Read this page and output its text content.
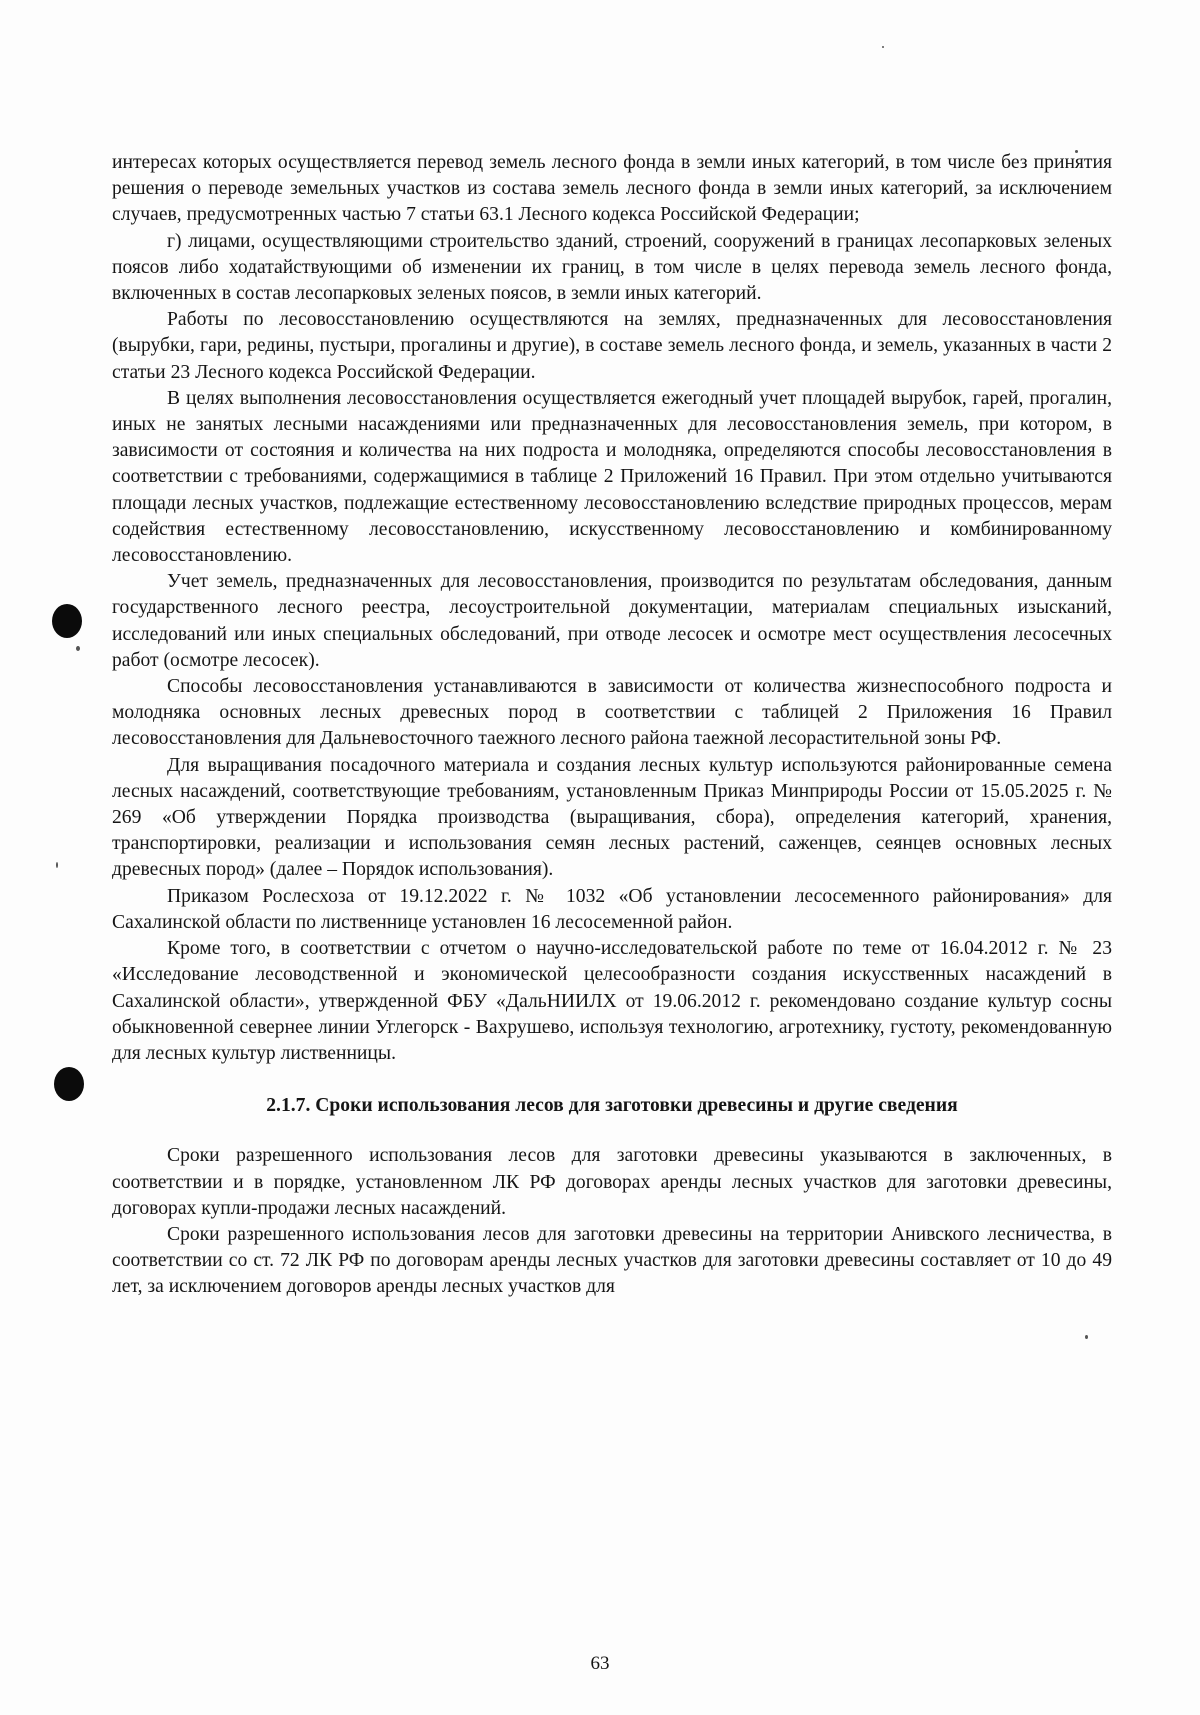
интересах которых осуществляется перевод земель лесного фонда в земли иных категорий, в том числе без принятия решения о переводе земельных участков из состава земель лесного фонда в земли иных категорий, за исключением случаев, предусмотренных частью 7 статьи 63.1 Лесного кодекса Российской Федерации;

г) лицами, осуществляющими строительство зданий, строений, сооружений в границах лесопарковых зеленых поясов либо ходатайствующими об изменении их границ, в том числе в целях перевода земель лесного фонда, включенных в состав лесопарковых зеленых поясов, в земли иных категорий.

Работы по лесовосстановлению осуществляются на землях, предназначенных для лесовосстановления (вырубки, гари, редины, пустыри, прогалины и другие), в составе земель лесного фонда, и земель, указанных в части 2 статьи 23 Лесного кодекса Российской Федерации.

В целях выполнения лесовосстановления осуществляется ежегодный учет площадей вырубок, гарей, прогалин, иных не занятых лесными насаждениями или предназначенных для лесовосстановления земель, при котором, в зависимости от состояния и количества на них подроста и молодняка, определяются способы лесовосстановления в соответствии с требованиями, содержащимися в таблице 2 Приложений 16 Правил. При этом отдельно учитываются площади лесных участков, подлежащие естественному лесовосстановлению вследствие природных процессов, мерам содействия естественному лесовосстановлению, искусственному лесовосстановлению и комбинированному лесовосстановлению.

Учет земель, предназначенных для лесовосстановления, производится по результатам обследования, данным государственного лесного реестра, лесоустроительной документации, материалам специальных изысканий, исследований или иных специальных обследований, при отводе лесосек и осмотре мест осуществления лесосечных работ (осмотре лесосек).

Способы лесовосстановления устанавливаются в зависимости от количества жизнеспособного подроста и молодняка основных лесных древесных пород в соответствии с таблицей 2 Приложения 16 Правил лесовосстановления для Дальневосточного таежного лесного района таежной лесорастительной зоны РФ.

Для выращивания посадочного материала и создания лесных культур используются районированные семена лесных насаждений, соответствующие требованиям, установленным Приказ Минприроды России от 15.05.2025 г. № 269 «Об утверждении Порядка производства (выращивания, сбора), определения категорий, хранения, транспортировки, реализации и использования семян лесных растений, саженцев, сеянцев основных лесных древесных пород» (далее – Порядок использования).

Приказом Рослесхоза от 19.12.2022 г. № 1032 «Об установлении лесосеменного районирования» для Сахалинской области по лиственнице установлен 16 лесосеменной район.

Кроме того, в соответствии с отчетом о научно-исследовательской работе по теме от 16.04.2012 г. № 23 «Исследование лесоводственной и экономической целесообразности создания искусственных насаждений в Сахалинской области», утвержденной ФБУ «ДальНИИЛХ от 19.06.2012 г. рекомендовано создание культур сосны обыкновенной севернее линии Углегорск - Вахрушево, используя технологию, агротехнику, густоту, рекомендованную для лесных культур лиственницы.

2.1.7. Сроки использования лесов для заготовки древесины и другие сведения

Сроки разрешенного использования лесов для заготовки древесины указываются в заключенных, в соответствии и в порядке, установленном ЛК РФ договорах аренды лесных участков для заготовки древесины, договорах купли-продажи лесных насаждений.

Сроки разрешенного использования лесов для заготовки древесины на территории Анивского лесничества, в соответствии со ст. 72 ЛК РФ по договорам аренды лесных участков для заготовки древесины составляет от 10 до 49 лет, за исключением договоров аренды лесных участков для

63
